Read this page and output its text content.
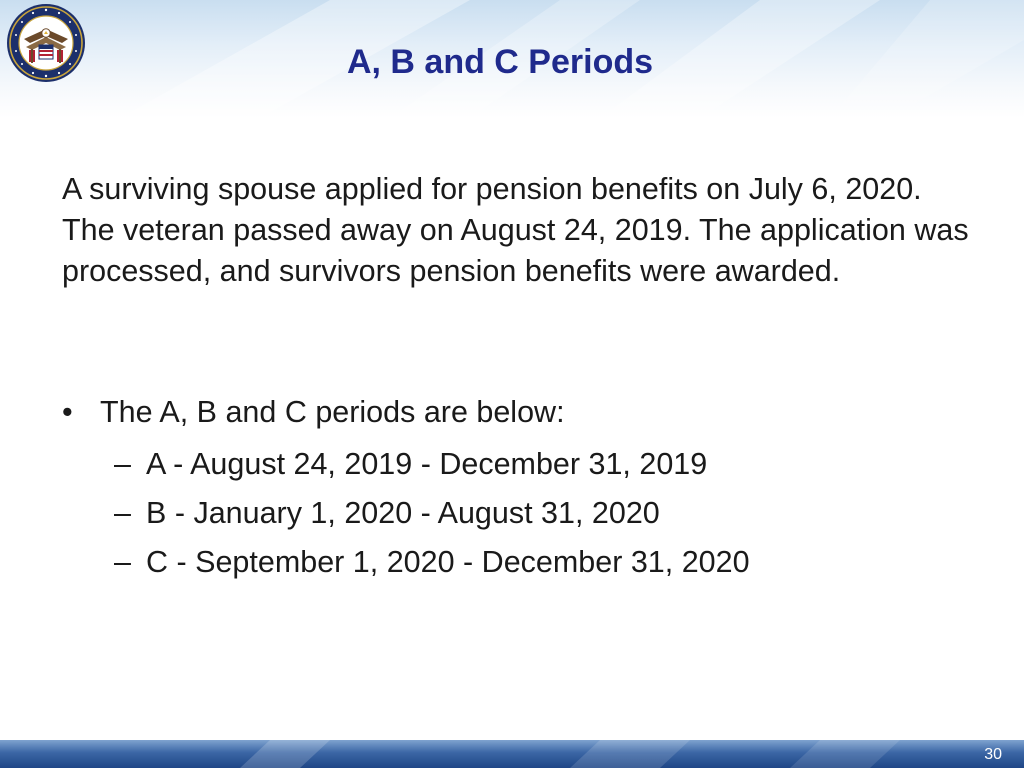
A, B and C Periods

A surviving spouse applied for pension benefits on July 6, 2020. The veteran passed away on August 24, 2019. The application was processed, and survivors pension benefits were awarded.

• The A, B and C periods are below:
– A - August 24, 2019 - December 31, 2019
– B - January 1, 2020 - August 31, 2020
– C - September 1, 2020 - December 31, 2020
30
